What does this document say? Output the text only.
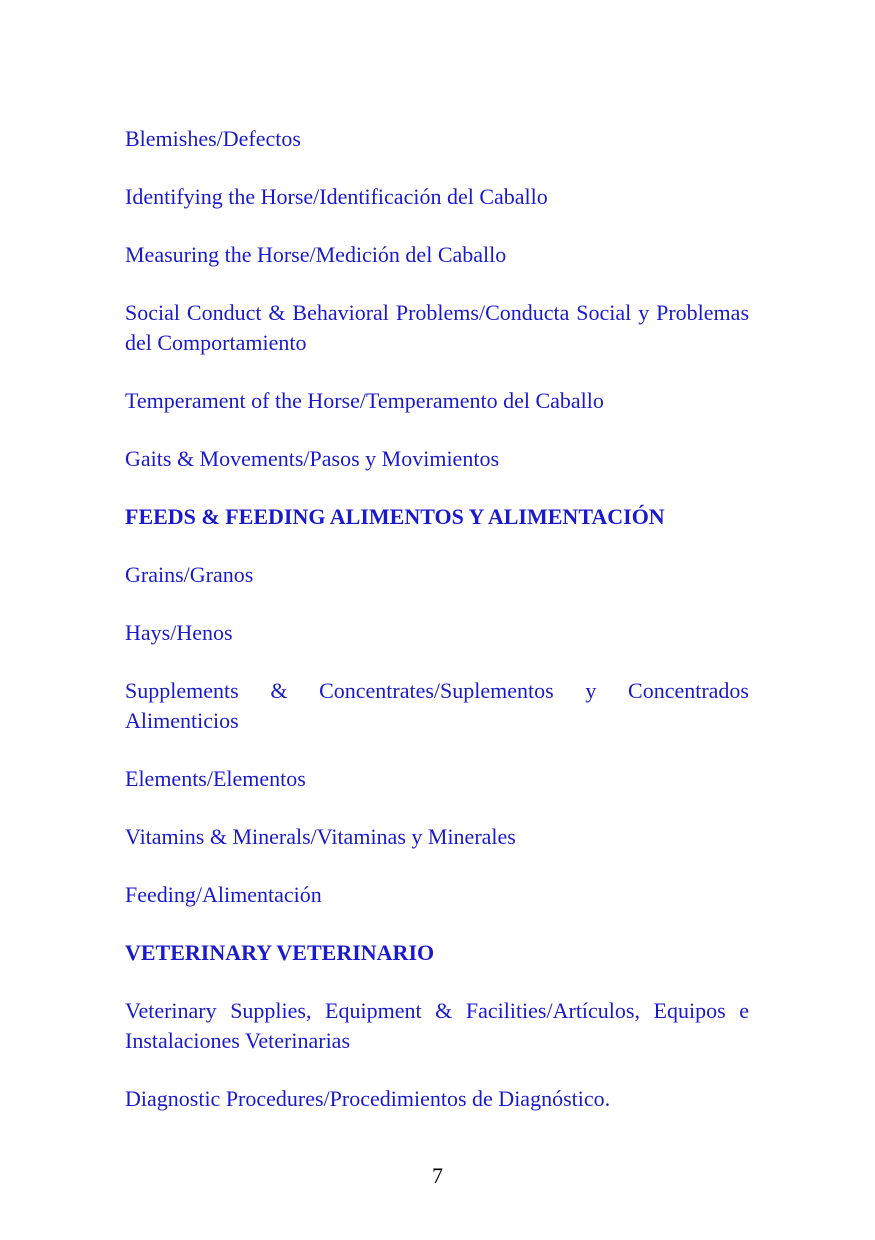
Blemishes/Defectos
Identifying the Horse/Identificación del Caballo
Measuring the Horse/Medición del Caballo
Social Conduct & Behavioral Problems/Conducta Social y Problemas del Comportamiento
Temperament of the Horse/Temperamento del Caballo
Gaits & Movements/Pasos y Movimientos
FEEDS & FEEDING ALIMENTOS Y ALIMENTACIÓN
Grains/Granos
Hays/Henos
Supplements & Concentrates/Suplementos y Concentrados Alimenticios
Elements/Elementos
Vitamins & Minerals/Vitaminas y Minerales
Feeding/Alimentación
VETERINARY VETERINARIO
Veterinary Supplies, Equipment & Facilities/Artículos, Equipos e Instalaciones Veterinarias
Diagnostic Procedures/Procedimientos de Diagnóstico.
7
